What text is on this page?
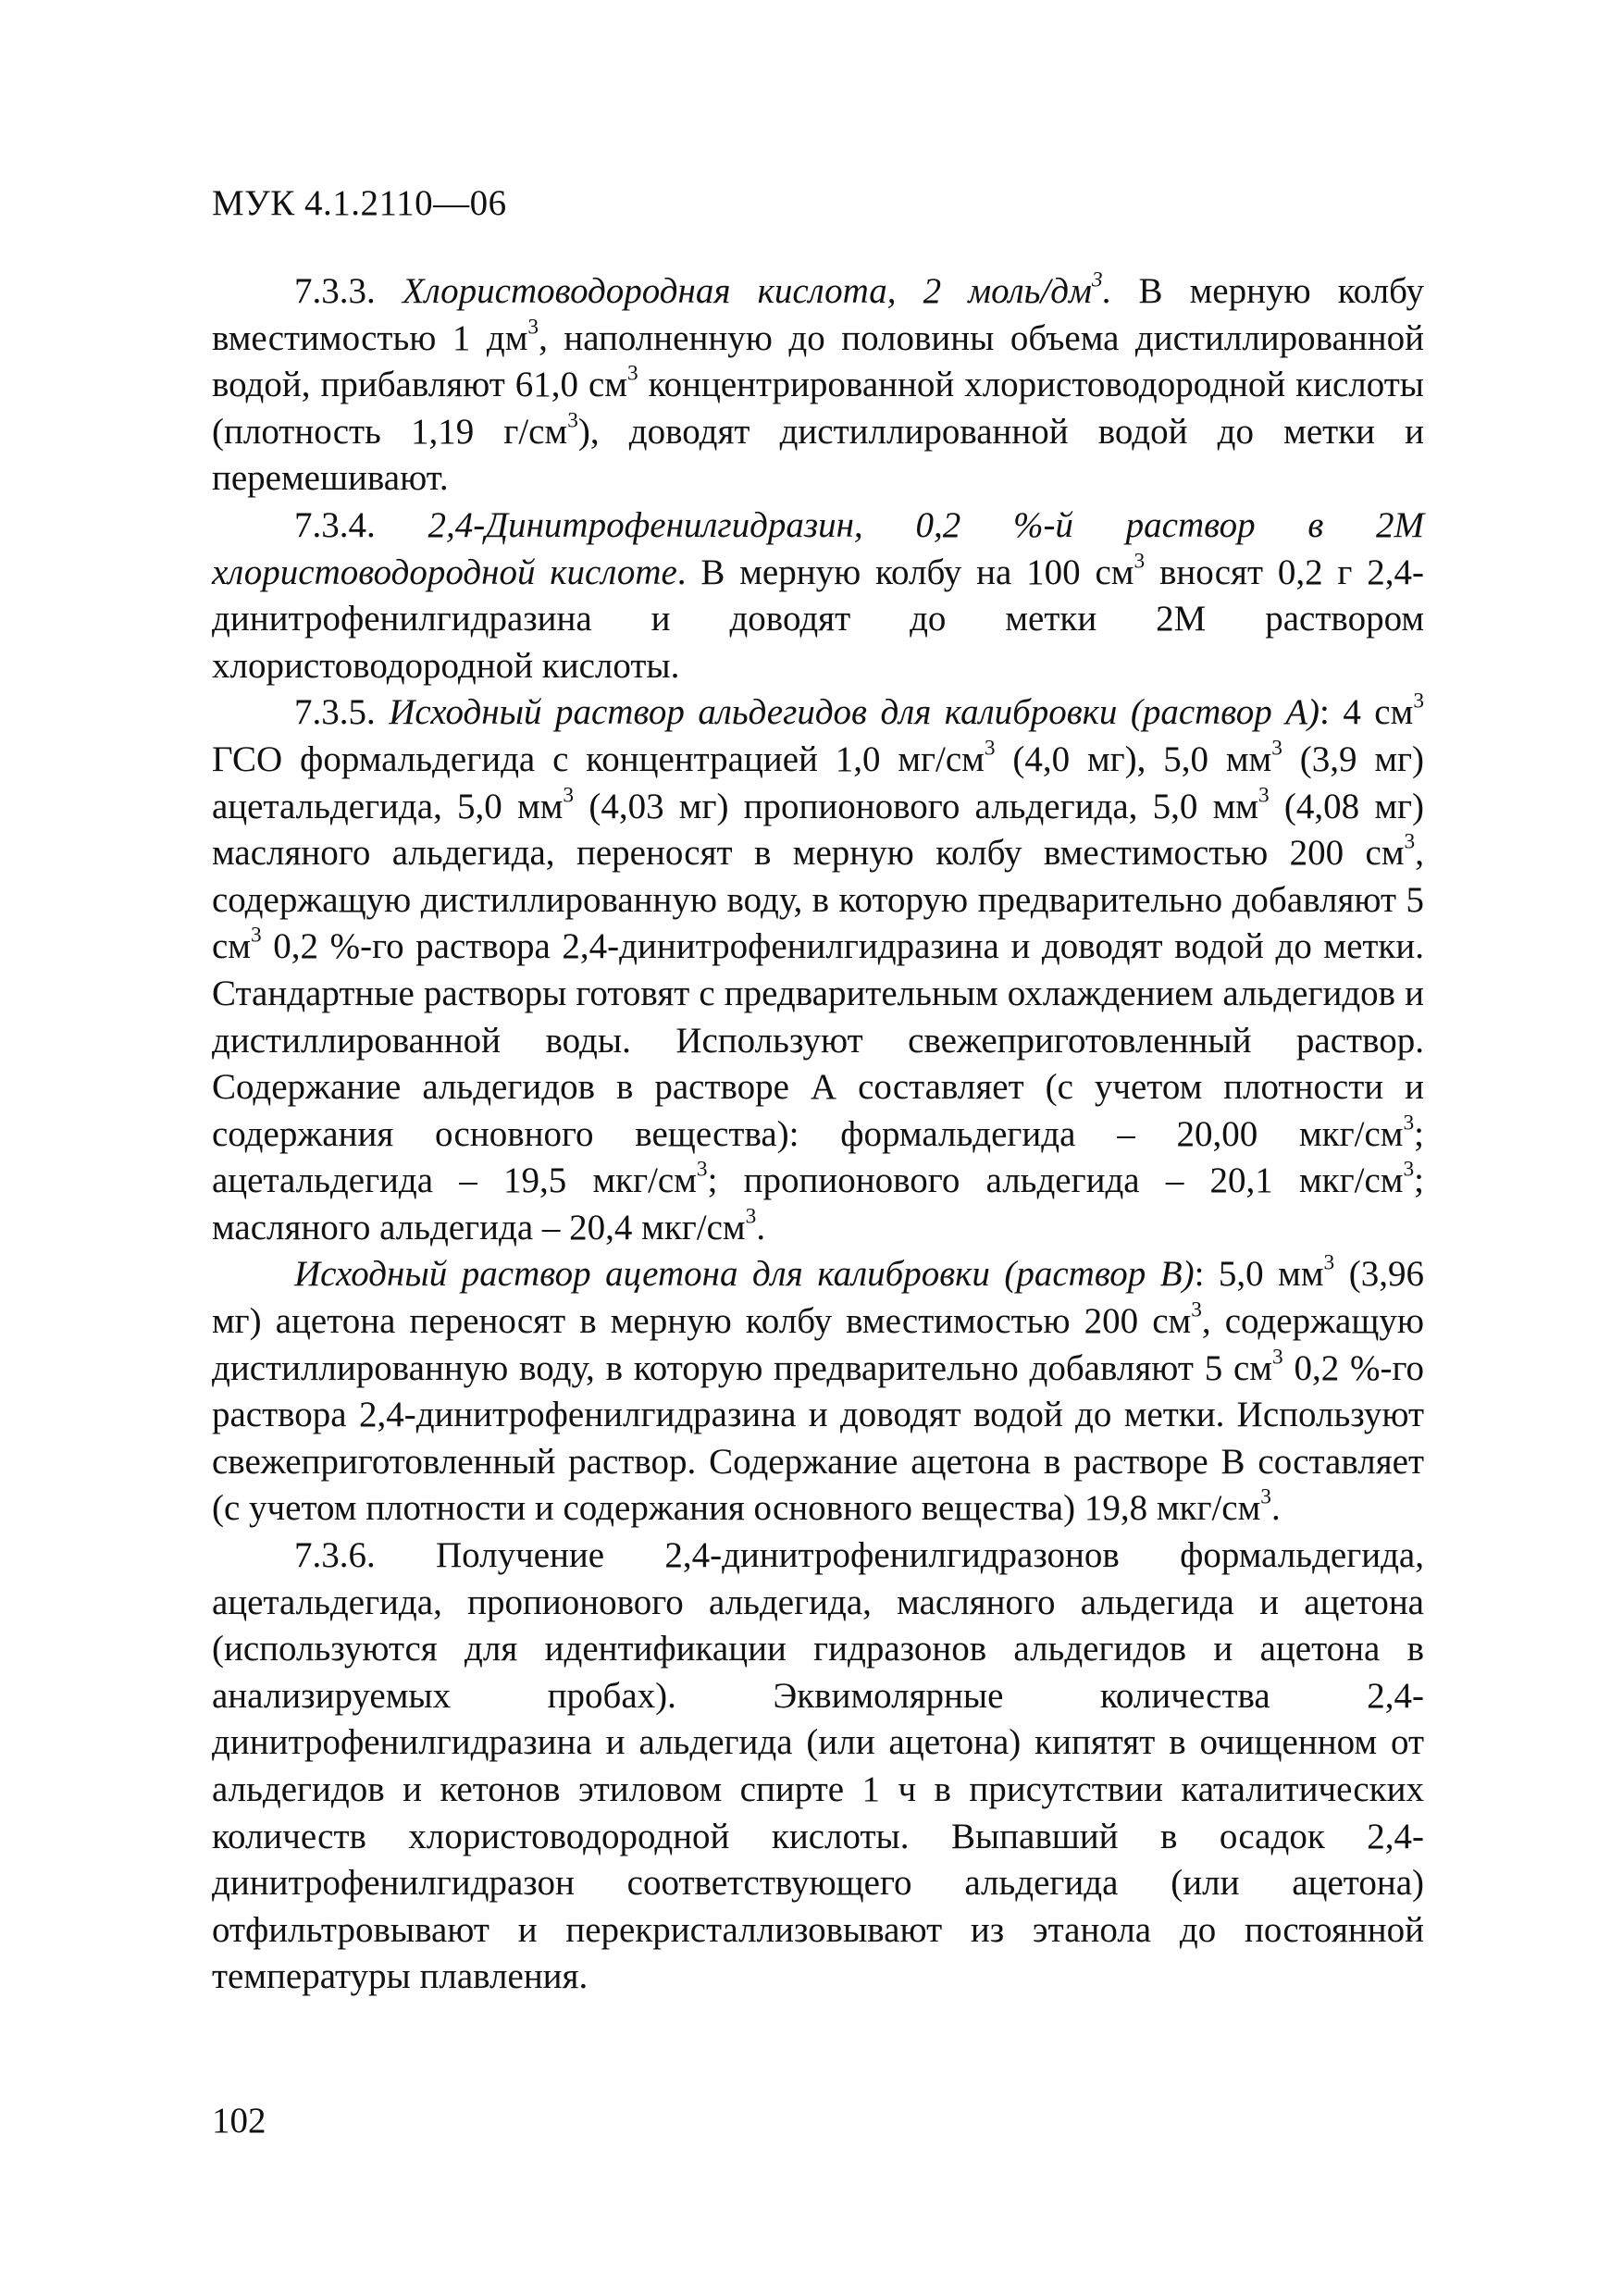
МУК 4.1.2110—06

7.3.3. Хлористоводородная кислота, 2 моль/$дм^3$. В мерную колбу вместимостью 1 $дм^3$, наполненную до половины объема дистиллированной водой, прибавляют 61,0 $см^3$ концентрированной хлористоводородной кислоты (плотность 1,19 $г/см^3$), доводят дистиллированной водой до метки и перемешивают.

7.3.4. 2,4-Динитрофенилгидразин, 0,2 %-й раствор в 2М хлористоводородной кислоте. В мерную колбу на 100 $см^3$ вносят 0,2 г 2,4-динитрофенилгидразина и доводят до метки 2М раствором хлористоводородной кислоты.

7.3.5. Исходный раствор альдегидов для калибровки (раствор А): 4 $см^3$ ГСО формальдегида с концентрацией 1,0 $мг/см^3$ (4,0 мг), 5,0 $мм^3$ (3,9 мг) ацетальдегида, 5,0 $мм^3$ (4,03 мг) пропионового альдегида, 5,0 $мм^3$ (4,08 мг) масляного альдегида, переносят в мерную колбу вместимостью 200 $см^3$, содержащую дистиллированную воду, в которую предварительно добавляют 5 $см^3$ 0,2 %-го раствора 2,4-динитрофенилгидразина и доводят водой до метки. Стандартные растворы готовят с предварительным охлаждением альдегидов и дистиллированной воды. Используют свежеприготовленный раствор. Содержание альдегидов в растворе А составляет (с учетом плотности и содержания основного вещества): формальдегида – 20,00 мкг/$см^3$; ацетальдегида – 19,5 мкг/$см^3$; пропионового альдегида – 20,1 мкг/$см^3$; масляного альдегида – 20,4 мкг/$см^3$.

Исходный раствор ацетона для калибровки (раствор В): 5,0 $мм^3$ (3,96 мг) ацетона переносят в мерную колбу вместимостью 200 $см^3$, содержащую дистиллированную воду, в которую предварительно добавляют 5 $см^3$ 0,2 %-го раствора 2,4-динитрофенилгидразина и доводят водой до метки. Используют свежеприготовленный раствор. Содержание ацетона в растворе В составляет (с учетом плотности и содержания основного вещества) 19,8 мкг/$см^3$.

7.3.6. Получение 2,4-динитрофенилгидразонов формальдегида, ацетальдегида, пропионового альдегида, масляного альдегида и ацетона (используются для идентификации гидразонов альдегидов и ацетона в анализируемых пробах). Эквимолярные количества 2,4-динитрофенилгидразина и альдегида (или ацетона) кипятят в очищенном от альдегидов и кетонов этиловом спирте 1 ч в присутствии каталитических количеств хлористоводородной кислоты. Выпавший в осадок 2,4-динитрофенилгидразон соответствующего альдегида (или ацетона) отфильтровывают и перекристаллизовывают из этанола до постоянной температуры плавления.

102
